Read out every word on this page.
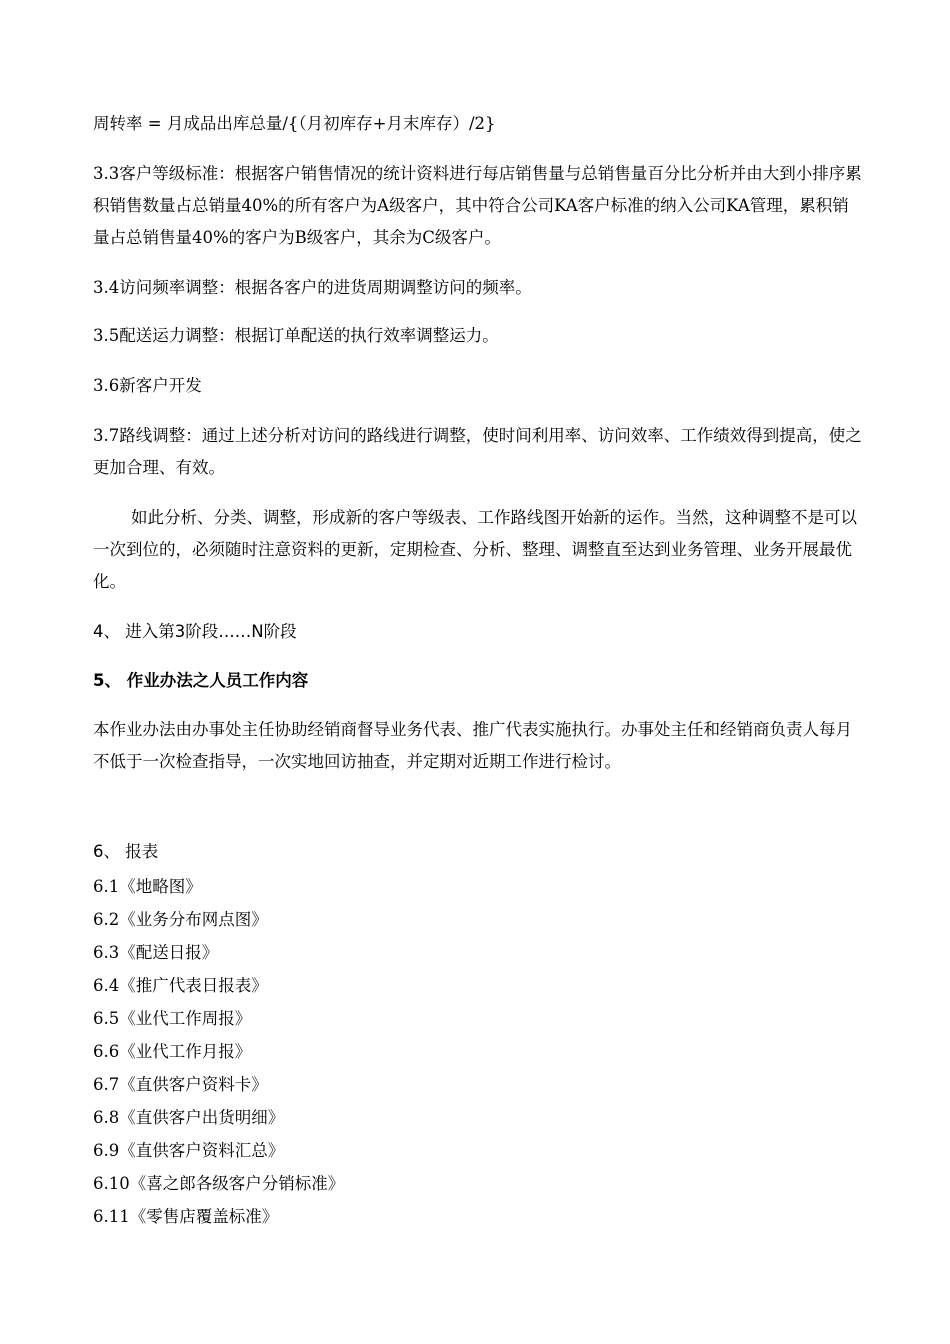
周转率 = 月成品出库总量/{（月初库存+月末库存）/2}

3.3客户等级标准：根据客户销售情况的统计资料进行每店销售量与总销售量百分比分析并由大到小排序累积销售数量占总销量40%的所有客户为A级客户，其中符合公司KA客户标准的纳入公司KA管理，累积销量占总销售量40%的客户为B级客户，其余为C级客户。

3.4访问频率调整：根据各客户的进货周期调整访问的频率。

3.5配送运力调整：根据订单配送的执行效率调整运力。

3.6新客户开发

3.7路线调整：通过上述分析对访问的路线进行调整，使时间利用率、访问效率、工作绩效得到提高，使之更加合理、有效。

如此分析、分类、调整，形成新的客户等级表、工作路线图开始新的运作。当然，这种调整不是可以一次到位的，必须随时注意资料的更新，定期检查、分析、整理、调整直至达到业务管理、业务开展最优化。

4、 进入第3阶段……N阶段

5、 作业办法之人员工作内容

本作业办法由办事处主任协助经销商督导业务代表、推广代表实施执行。办事处主任和经销商负责人每月不低于一次检查指导，一次实地回访抽查，并定期对近期工作进行检讨。

6、 报表

6.1《地略图》
6.2《业务分布网点图》
6.3《配送日报》
6.4《推广代表日报表》
6.5《业代工作周报》
6.6《业代工作月报》
6.7《直供客户资料卡》
6.8《直供客户出货明细》
6.9《直供客户资料汇总》
6.10《喜之郎各级客户分销标准》
6.11《零售店覆盖标准》
